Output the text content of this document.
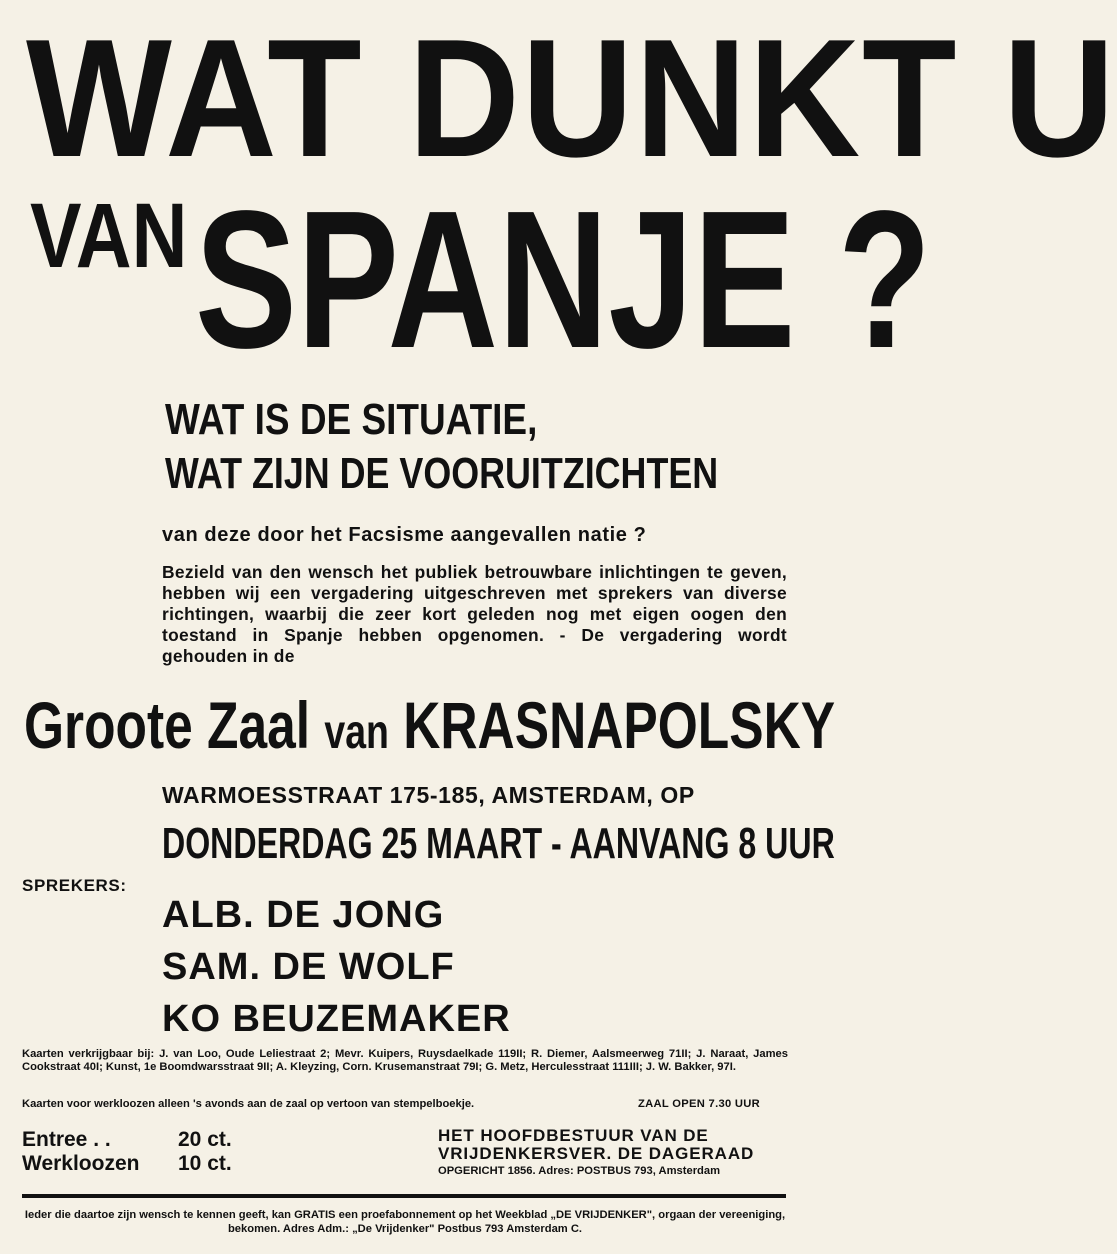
WAT DUNKT U
VAN SPANJE ?
WAT IS DE SITUATIE,
WAT ZIJN DE VOORUITZICHTEN
van deze door het Facsisme aangevallen natie ?
Bezield van den wensch het publiek betrouwbare inlichtingen te geven, hebben wij een vergadering uitgeschreven met sprekers van diverse richtingen, waarbij die zeer kort geleden nog met eigen oogen den toestand in Spanje hebben opgenomen. - De vergadering wordt gehouden in de
Groote Zaal van KRASNAPOLSKY
WARMOESSTRAAT 175-185, AMSTERDAM, OP
DONDERDAG 25 MAART - AANVANG 8 UUR
SPREKERS:
ALB. DE JONG
SAM. DE WOLF
KO BEUZEMAKER
Kaarten verkrijgbaar bij: J. van Loo, Oude Leliestraat 2; Mevr. Kuipers, Ruysdaelkade 119II; R. Diemer, Aalsmeerweg 71II; J. Naraat, James Cookstraat 40I; Kunst, 1e Boomdwarsstraat 9II; A. Kleyzing, Corn. Krusemanstraat 79I; G. Metz, Herculesstraat 111III; J. W. Bakker, 97I.
Kaarten voor werkloozen alleen 's avonds aan de zaal op vertoon van stempelboekje.	ZAAL OPEN 7.30 UUR
Entree . .	20 ct.
Werkloozen	10 ct.
HET HOOFDBESTUUR VAN DE
VRIJDENKERSVER. DE DAGERAAD
OPGERICHT 1856. Adres: POSTBUS 793, Amsterdam
Ieder die daartoe zijn wensch te kennen geeft, kan GRATIS een proefabonnement op het Weekblad „DE VRIJDENKER", orgaan der vereeniging, bekomen. Adres Adm.: „De Vrijdenker" Postbus 793 Amsterdam C.
